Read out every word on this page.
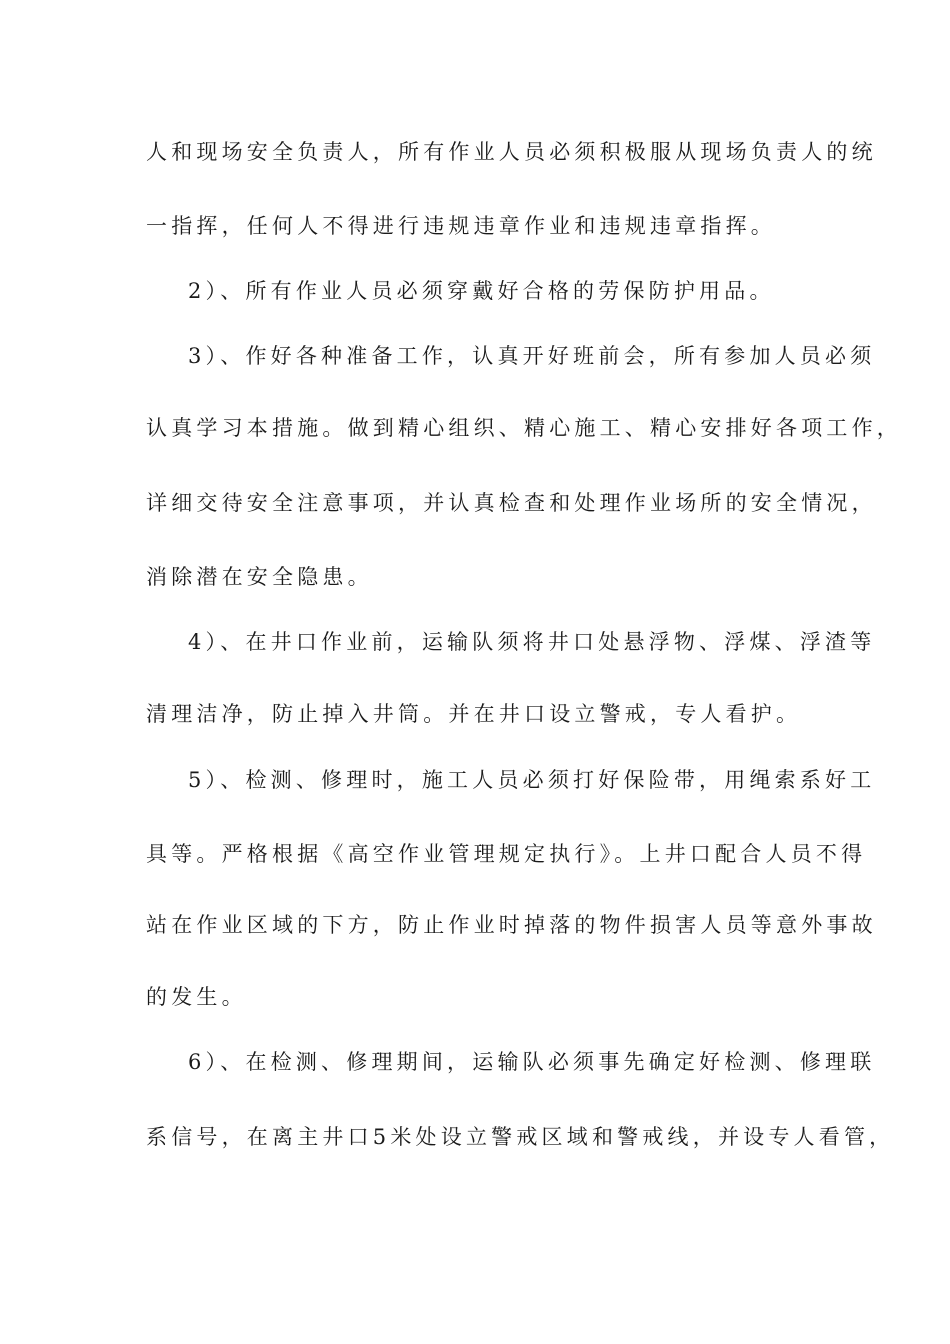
人和现场安全负责人，所有作业人员必须积极服从现场负责人的统
一指挥，任何人不得进行违规违章作业和违规违章指挥。
2）、所有作业人员必须穿戴好合格的劳保防护用品。
3）、作好各种准备工作，认真开好班前会，所有参加人员必须
认真学习本措施。做到精心组织、精心施工、精心安排好各项工作，
详细交待安全注意事项，并认真检查和处理作业场所的安全情况，
消除潜在安全隐患。
4）、在井口作业前，运输队须将井口处悬浮物、浮煤、浮渣等
清理洁净，防止掉入井筒。并在井口设立警戒，专人看护。
5）、检测、修理时，施工人员必须打好保险带，用绳索系好工
具等。严格根据《高空作业管理规定执行》。上井口配合人员不得
站在作业区域的下方，防止作业时掉落的物件损害人员等意外事故
的发生。
6）、在检测、修理期间，运输队必须事先确定好检测、修理联
系信号，在离主井口5米处设立警戒区域和警戒线，并设专人看管，
